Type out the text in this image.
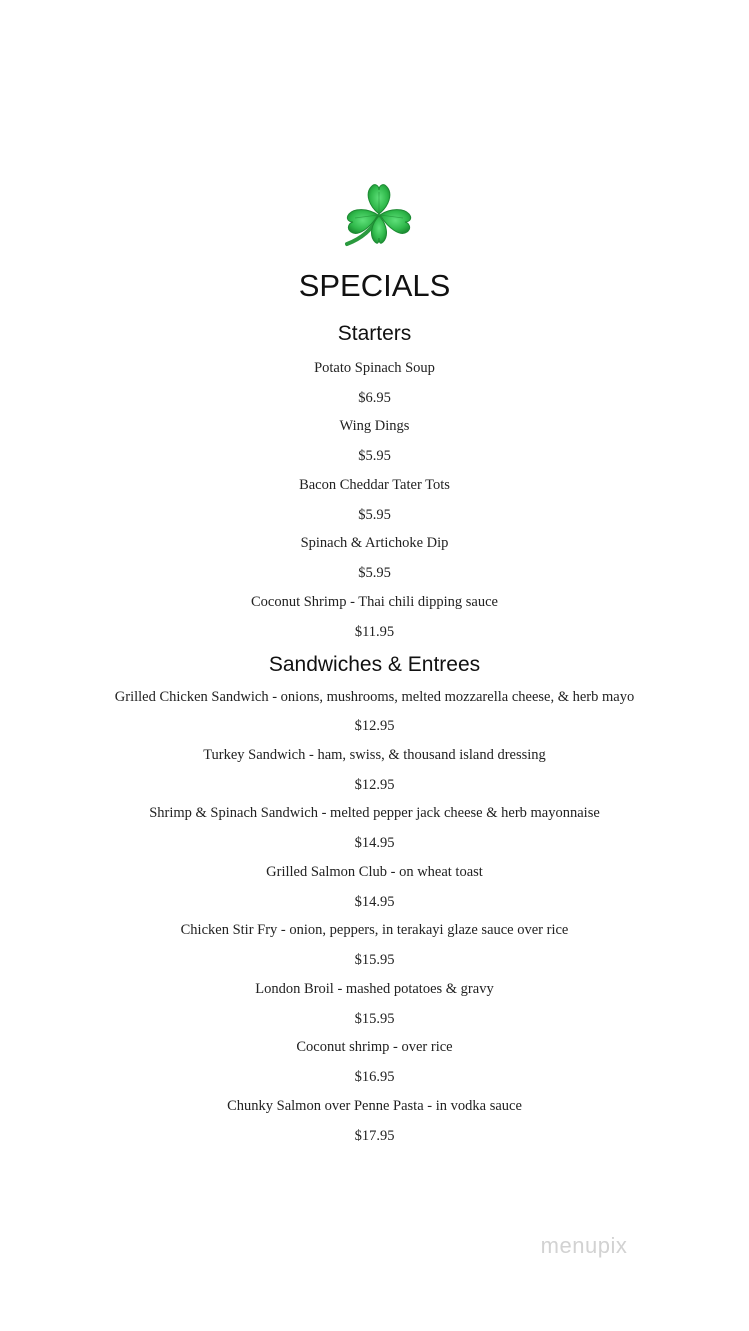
SPECIALS
Starters
Potato Spinach Soup
$6.95
Wing Dings
$5.95
Bacon Cheddar Tater Tots
$5.95
Spinach & Artichoke Dip
$5.95
Coconut Shrimp - Thai chili dipping sauce
$11.95
Sandwiches & Entrees
Grilled Chicken Sandwich - onions, mushrooms, melted mozzarella cheese, & herb mayo
$12.95
Turkey Sandwich - ham, swiss, & thousand island dressing
$12.95
Shrimp & Spinach Sandwich - melted pepper jack cheese & herb mayonnaise
$14.95
Grilled Salmon Club - on wheat toast
$14.95
Chicken Stir Fry - onion, peppers, in terakayi glaze sauce over rice
$15.95
London Broil - mashed potatoes & gravy
$15.95
Coconut shrimp - over rice
$16.95
Chunky Salmon over Penne Pasta - in vodka sauce
$17.95
menupix
